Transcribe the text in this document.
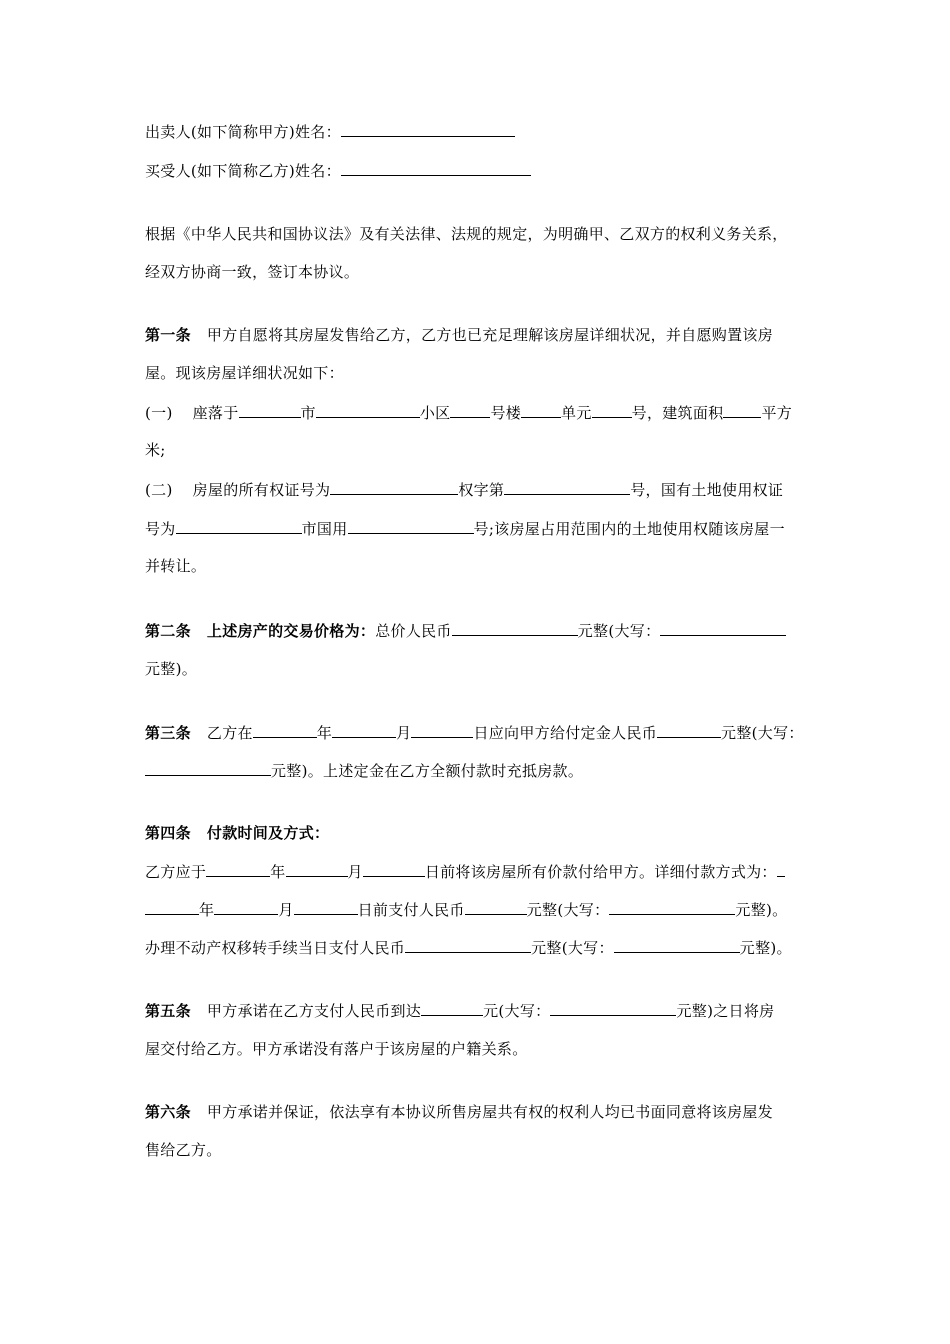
出卖人(如下简称甲方)姓名：
买受人(如下简称乙方)姓名：
根据《中华人民共和国协议法》及有关法律、法规的规定，为明确甲、乙双方的权利义务关系，
经双方协商一致，签订本协议。
第一条 甲方自愿将其房屋发售给乙方，乙方也已充足理解该房屋详细状况，并自愿购置该房
屋。现该房屋详细状况如下：
(一) 座落于	市	小区	号楼	单元	号，建筑面积	平方
米;
(二) 房屋的所有权证号为	权字第	号，国有土地使用权证
号为	市国用	号;该房屋占用范围内的土地使用权随该房屋一
并转让。
第二条 上述房产的交易价格为：总价人民币	元整(大写：
元整)。
第三条 乙方在	年	月	日应向甲方给付定金人民币	元整(大写：
元整)。上述定金在乙方全额付款时充抵房款。
第四条 付款时间及方式：
乙方应于	年	月	日前将该房屋所有价款付给甲方。详细付款方式为：
年	月	日前支付人民币	元整(大写：	元整)。
办理不动产权移转手续当日支付人民币	元整(大写：	元整)。
第五条 甲方承诺在乙方支付人民币到达	元(大写：	元整)之日将房
屋交付给乙方。甲方承诺没有落户于该房屋的户籍关系。
第六条 甲方承诺并保证，依法享有本协议所售房屋共有权的权利人均已书面同意将该房屋发
售给乙方。
